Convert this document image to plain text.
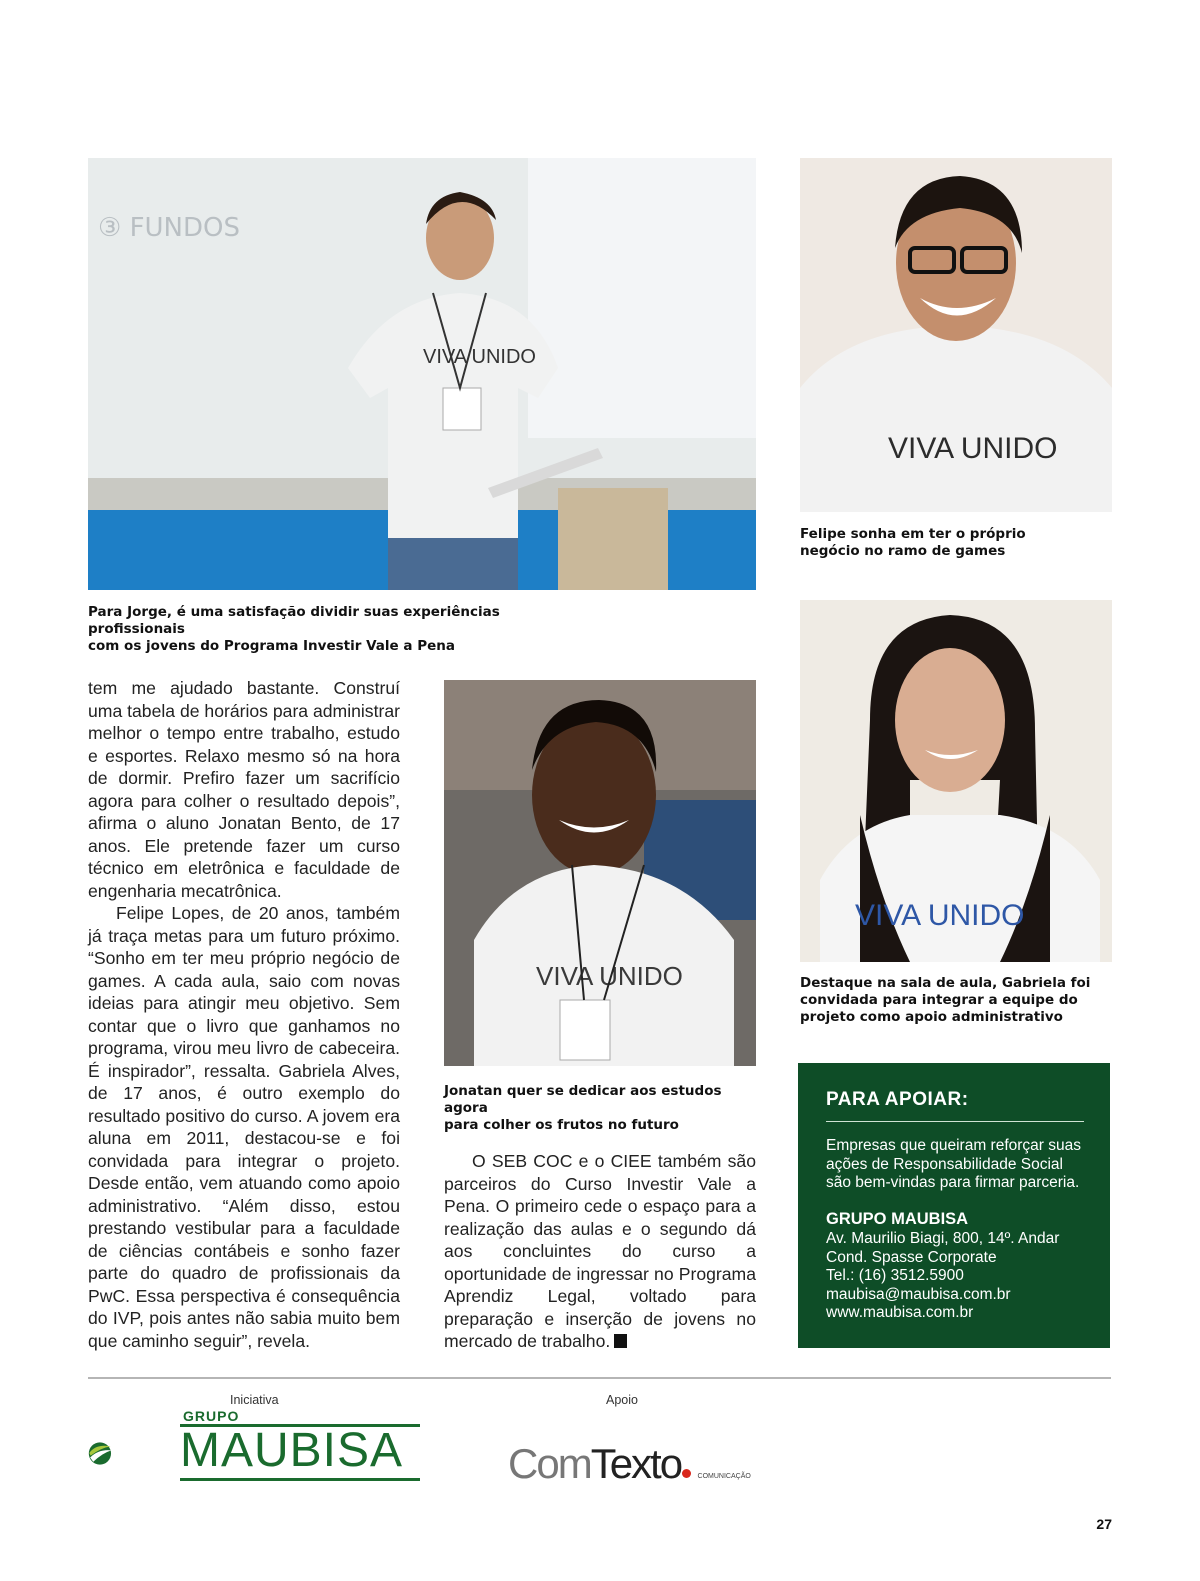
③ FUNDOS
VIVA UNIDO
VIVA UNIDO
VIVA UNIDO
VIVA UNIDO
Para Jorge, é uma satisfação dividir suas experiências profissionais
com os jovens do Programa Investir Vale a Pena
Felipe sonha em ter o próprio
negócio no ramo de games
Jonatan quer se dedicar aos estudos agora
para colher os frutos no futuro
Destaque na sala de aula, Gabriela foi
convidada para integrar a equipe do
projeto como apoio administrativo

tem me ajudado bastante. Construí uma tabela de horários para administrar melhor o tempo entre trabalho, estudo e esportes. Relaxo mesmo só na hora de dormir. Prefiro fazer um sacrifício agora para colher o resultado depois”, afirma o aluno Jonatan Bento, de 17 anos. Ele pretende fazer um curso técnico em eletrônica e faculdade de engenharia mecatrônica.

Felipe Lopes, de 20 anos, também já traça metas para um futuro próximo. “Sonho em ter meu próprio negócio de games. A cada aula, saio com novas ideias para atingir meu objetivo. Sem contar que o livro que ganhamos no programa, virou meu livro de cabeceira. É inspirador”, ressalta. Gabriela Alves, de 17 anos, é outro exemplo do resultado positivo do curso. A jovem era aluna em 2011, destacou-se e foi convidada para integrar o projeto. Desde então, vem atuando como apoio administrativo. “Além disso, estou prestando vestibular para a faculdade de ciências contábeis e sonho fazer parte do quadro de profissionais da PwC. Essa perspectiva é consequência do IVP, pois antes não sabia muito bem que caminho seguir”, revela.

O SEB COC e o CIEE também são parceiros do Curso Investir Vale a Pena. O primeiro cede o espaço para a realização das aulas e o segundo dá aos concluintes do curso a oportunidade de ingressar no Programa Aprendiz Legal, voltado para preparação e inserção de jovens no mercado de trabalho.

PARA APOIAR:
Empresas que queiram reforçar suas ações de Responsabilidade Social são bem-vindas para firmar parceria.
GRUPO MAUBISA
Av. Maurilio Biagi, 800, 14º. Andar
Cond. Spasse Corporate
Tel.: (16) 3512.5900
maubisa@maubisa.com.br
www.maubisa.com.br
Iniciativa	Apoio
GRUPO
MAUBISA ComTexto COMUNICAÇÃO
27
